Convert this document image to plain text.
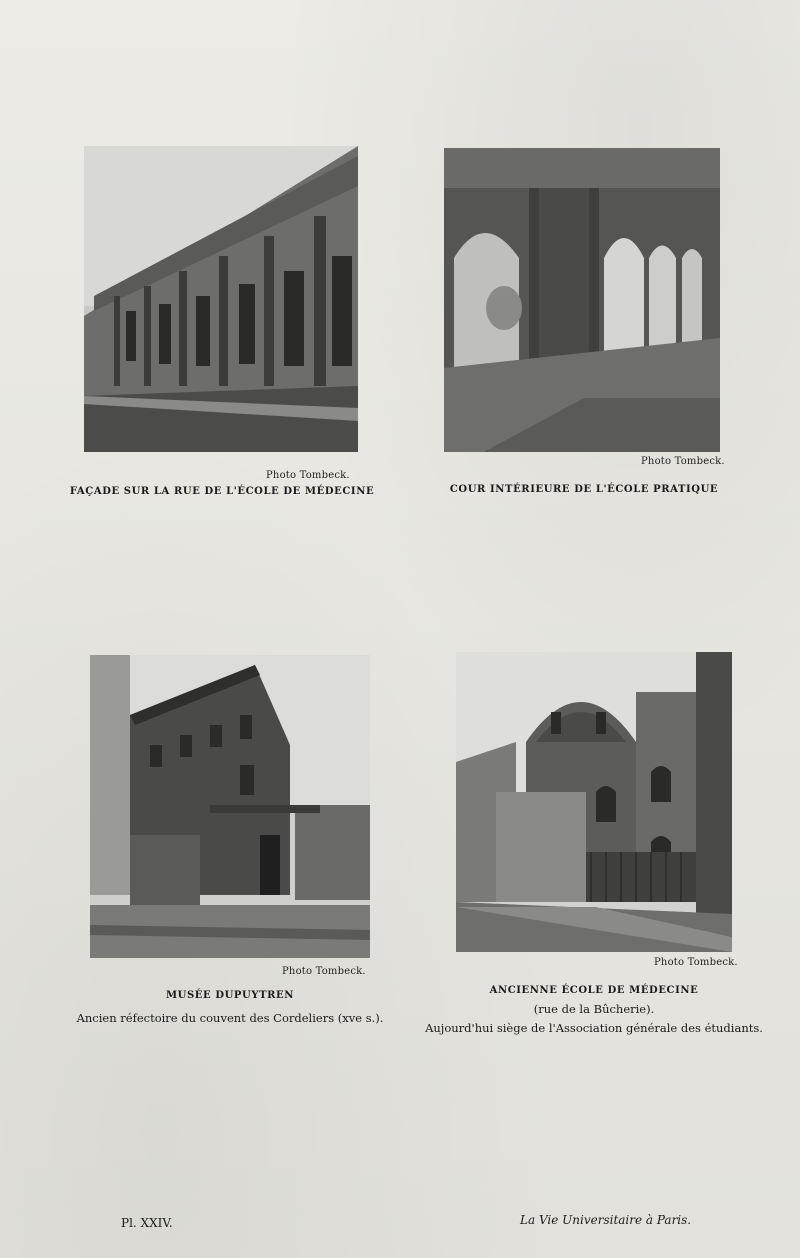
Photo Tombeck.
FAÇADE SUR LA RUE DE L'ÉCOLE DE MÉDECINE
Photo Tombeck.
COUR INTÉRIEURE DE L'ÉCOLE PRATIQUE
Photo Tombeck.
MUSÉE DUPUYTREN
Ancien réfectoire du couvent des Cordeliers (xve s.).
Photo Tombeck.
ANCIENNE ÉCOLE DE MÉDECINE
(rue de la Bûcherie).
Aujourd'hui siège de l'Association générale des étudiants.
Pl. XXIV.	La Vie Universitaire à Paris.
